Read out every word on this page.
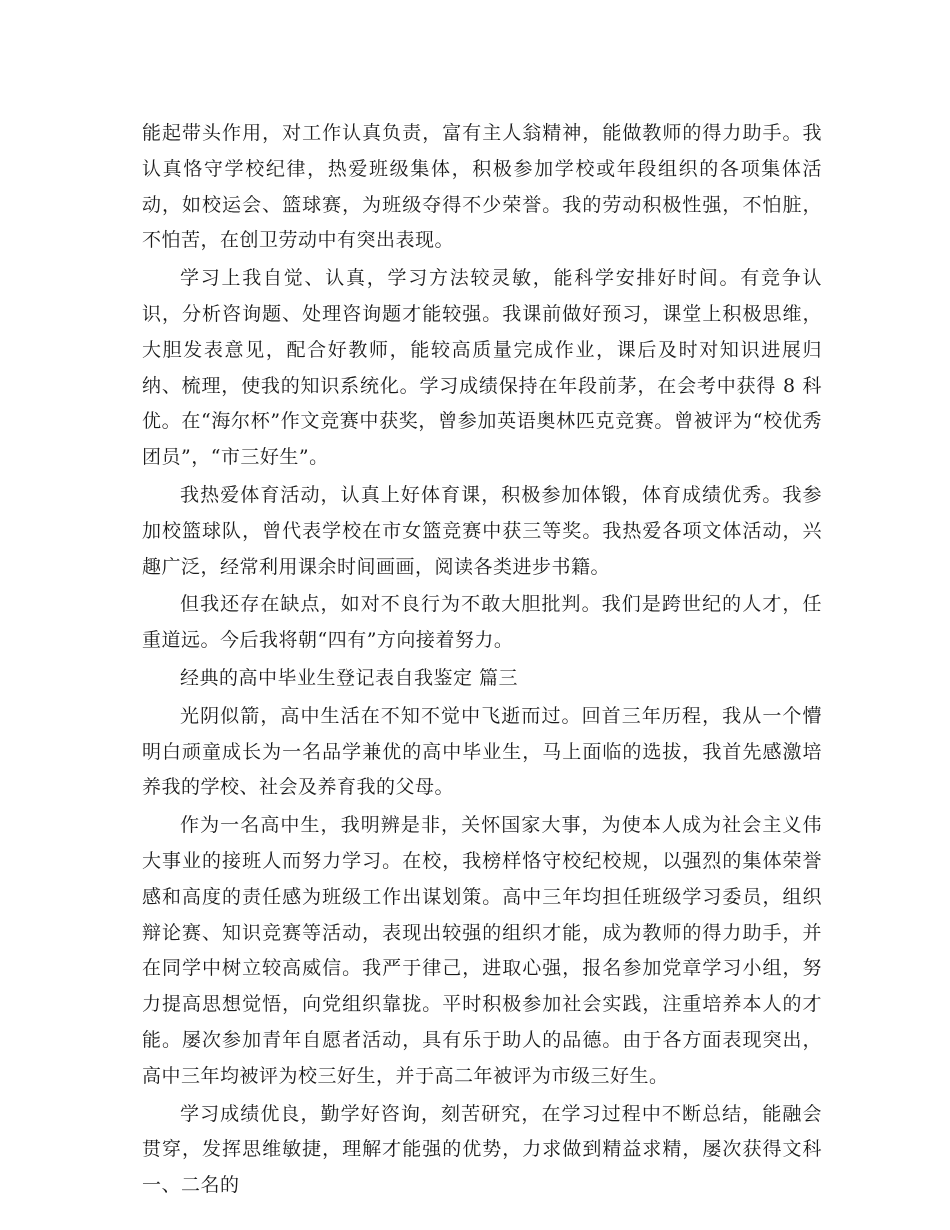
能起带头作用，对工作认真负责，富有主人翁精神，能做教师的得力助手。我认真恪守学校纪律，热爱班级集体，积极参加学校或年段组织的各项集体活动，如校运会、篮球赛，为班级夺得不少荣誉。我的劳动积极性强，不怕脏，不怕苦，在创卫劳动中有突出表现。

学习上我自觉、认真，学习方法较灵敏，能科学安排好时间。有竞争认识，分析咨询题、处理咨询题才能较强。我课前做好预习，课堂上积极思维，大胆发表意见，配合好教师，能较高质量完成作业，课后及时对知识进展归纳、梳理，使我的知识系统化。学习成绩保持在年段前茅，在会考中获得 8 科优。在“海尔杯”作文竞赛中获奖，曾参加英语奥林匹克竞赛。曾被评为“校优秀团员”，“市三好生”。

我热爱体育活动，认真上好体育课，积极参加体锻，体育成绩优秀。我参加校篮球队，曾代表学校在市女篮竞赛中获三等奖。我热爱各项文体活动，兴趣广泛，经常利用课余时间画画，阅读各类进步书籍。

但我还存在缺点，如对不良行为不敢大胆批判。我们是跨世纪的人才，任重道远。今后我将朝“四有”方向接着努力。

经典的高中毕业生登记表自我鉴定 篇三

光阴似箭，高中生活在不知不觉中飞逝而过。回首三年历程，我从一个懵明白顽童成长为一名品学兼优的高中毕业生，马上面临的选拔，我首先感激培养我的学校、社会及养育我的父母。

作为一名高中生，我明辨是非，关怀国家大事，为使本人成为社会主义伟大事业的接班人而努力学习。在校，我榜样恪守校纪校规，以强烈的集体荣誉感和高度的责任感为班级工作出谋划策。高中三年均担任班级学习委员，组织辩论赛、知识竞赛等活动，表现出较强的组织才能，成为教师的得力助手，并在同学中树立较高威信。我严于律己，进取心强，报名参加党章学习小组，努力提高思想觉悟，向党组织靠拢。平时积极参加社会实践，注重培养本人的才能。屡次参加青年自愿者活动，具有乐于助人的品德。由于各方面表现突出，高中三年均被评为校三好生，并于高二年被评为市级三好生。

学习成绩优良，勤学好咨询，刻苦研究，在学习过程中不断总结，能融会贯穿，发挥思维敏捷，理解才能强的优势，力求做到精益求精，屡次获得文科一、二名的
